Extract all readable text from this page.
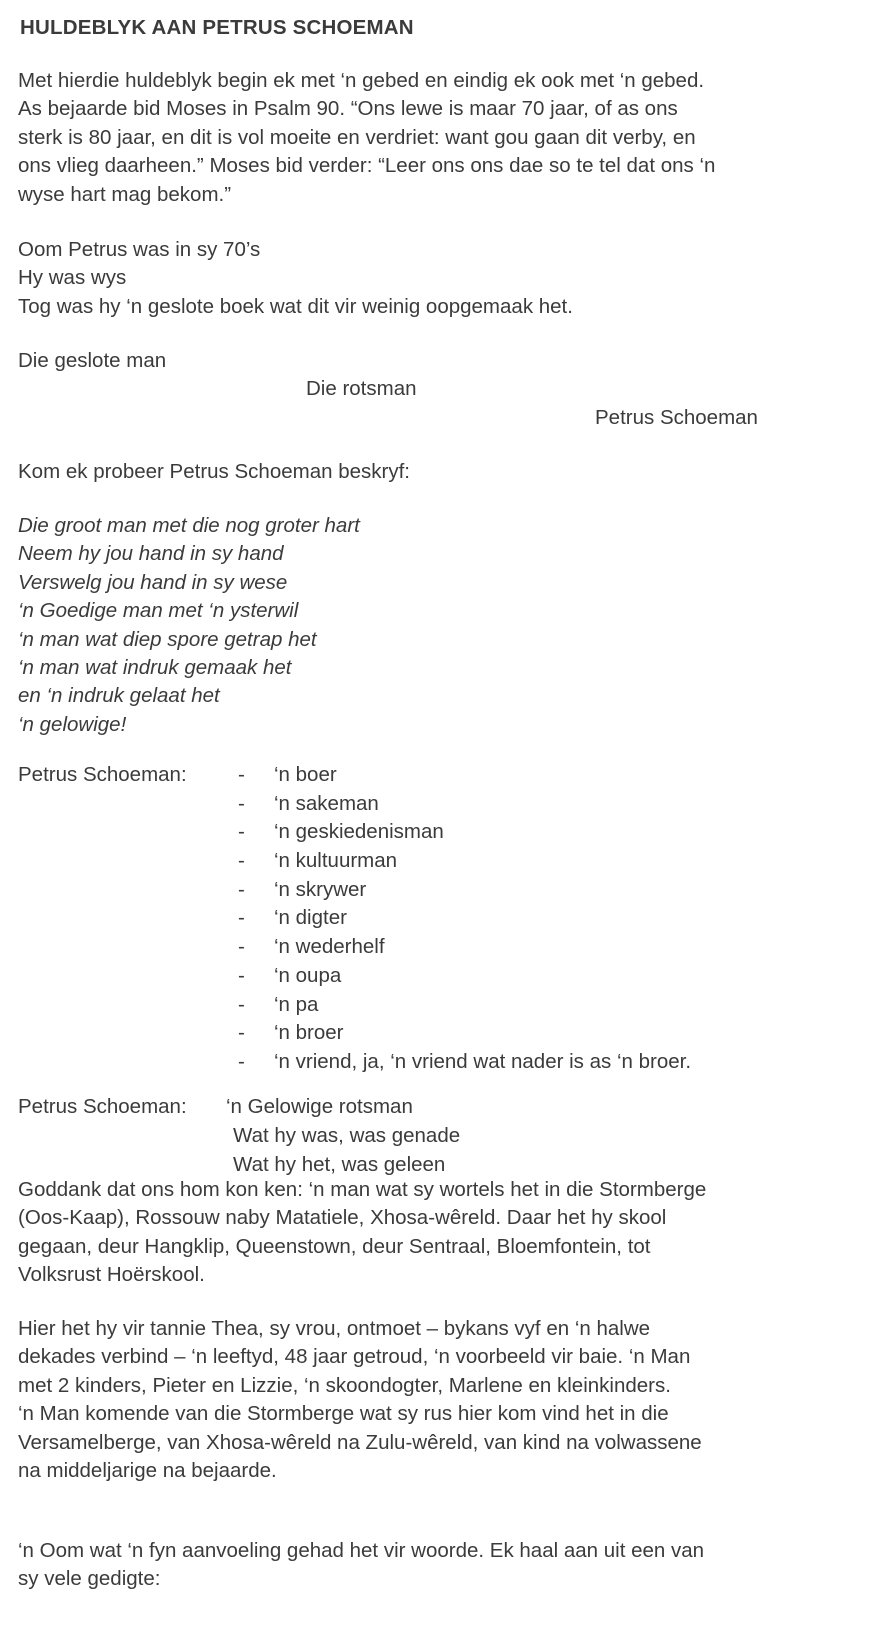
HULDEBLYK AAN PETRUS SCHOEMAN

Met hierdie huldeblyk begin ek met ‘n gebed en eindig ek ook met ‘n gebed.
As bejaarde bid Moses in Psalm 90. “Ons lewe is maar 70 jaar, of as ons
sterk is 80 jaar, en dit is vol moeite en verdriet: want gou gaan dit verby, en
ons vlieg daarheen.” Moses bid verder: “Leer ons ons dae so te tel dat ons ‘n
wyse hart mag bekom.”

Oom Petrus was in sy 70’s
Hy was wys
Tog was hy ‘n geslote boek wat dit vir weinig oopgemaak het.

Die geslote man
Die rotsman
Petrus Schoeman
Kom ek probeer Petrus Schoeman beskryf:

Die groot man met die nog groter hart
Neem hy jou hand in sy hand
Verswelg jou hand in sy wese
‘n Goedige man met ‘n ysterwil
‘n man wat diep spore getrap het
‘n man wat indruk gemaak het
en ‘n indruk gelaat het
‘n gelowige!

Petrus Schoeman:	- ‘n boer
- ‘n sakeman
- ‘n geskiedenisman
- ‘n kultuurman
- ‘n skrywer
- ‘n digter
- ‘n wederhelf
- ‘n oupa
- ‘n pa
- ‘n broer
- ‘n vriend, ja, ‘n vriend wat nader is as ‘n broer.
Petrus Schoeman: ‘n Gelowige rotsman
Wat hy was, was genade
Wat hy het, was geleen

Goddank dat ons hom kon ken: ‘n man wat sy wortels het in die Stormberge
(Oos-Kaap), Rossouw naby Matatiele, Xhosa-wêreld. Daar het hy skool
gegaan, deur Hangklip, Queenstown, deur Sentraal, Bloemfontein, tot
Volksrust Hoërskool.

Hier het hy vir tannie Thea, sy vrou, ontmoet – bykans vyf en ‘n halwe
dekades verbind – ‘n leeftyd, 48 jaar getroud, ‘n voorbeeld vir baie. ‘n Man
met 2 kinders, Pieter en Lizzie, ‘n skoondogter, Marlene en kleinkinders.
‘n Man komende van die Stormberge wat sy rus hier kom vind het in die
Versamelberge, van Xhosa-wêreld na Zulu-wêreld, van kind na volwassene
na middeljarige na bejaarde.

‘n Oom wat ‘n fyn aanvoeling gehad het vir woorde. Ek haal aan uit een van
sy vele gedigte:
